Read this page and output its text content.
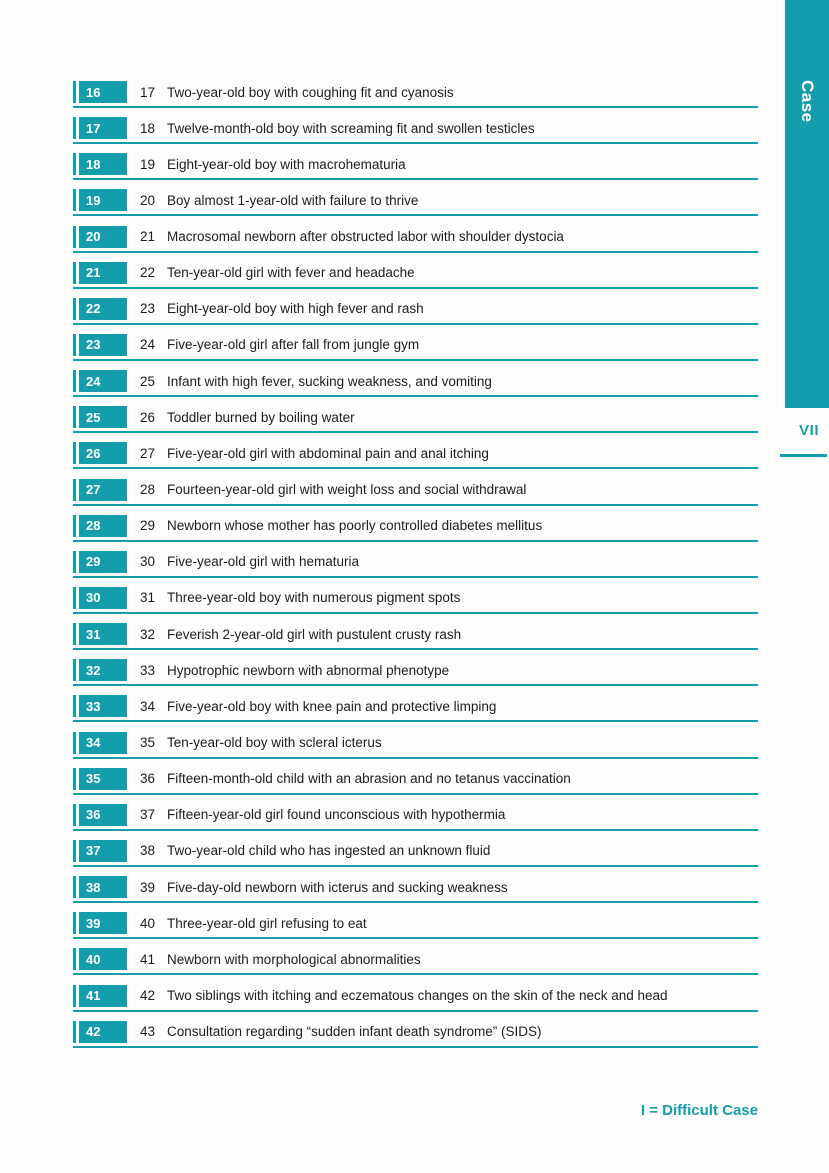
16	17 Two-year-old boy with coughing fit and cyanosis
17	18 Twelve-month-old boy with screaming fit and swollen testicles
18	19 Eight-year-old boy with macrohematuria
19	20 Boy almost 1-year-old with failure to thrive
20	21 Macrosomal newborn after obstructed labor with shoulder dystocia
21	22 Ten-year-old girl with fever and headache
22	23 Eight-year-old boy with high fever and rash
23	24 Five-year-old girl after fall from jungle gym
24	25 Infant with high fever, sucking weakness, and vomiting
25	26 Toddler burned by boiling water
26	27 Five-year-old girl with abdominal pain and anal itching
27	28 Fourteen-year-old girl with weight loss and social withdrawal
28	29 Newborn whose mother has poorly controlled diabetes mellitus
29	30 Five-year-old girl with hematuria
30	31 Three-year-old boy with numerous pigment spots
31	32 Feverish 2-year-old girl with pustulent crusty rash
32	33 Hypotrophic newborn with abnormal phenotype
33	34 Five-year-old boy with knee pain and protective limping
34	35 Ten-year-old boy with scleral icterus
35	36 Fifteen-month-old child with an abrasion and no tetanus vaccination
36	37 Fifteen-year-old girl found unconscious with hypothermia
37	38 Two-year-old child who has ingested an unknown fluid
38	39 Five-day-old newborn with icterus and sucking weakness
39	40 Three-year-old girl refusing to eat
40	41 Newborn with morphological abnormalities
41	42 Two siblings with itching and eczematous changes on the skin of the neck and head
42	43 Consultation regarding “sudden infant death syndrome” (SIDS)
Case
VII
I = Difficult Case
